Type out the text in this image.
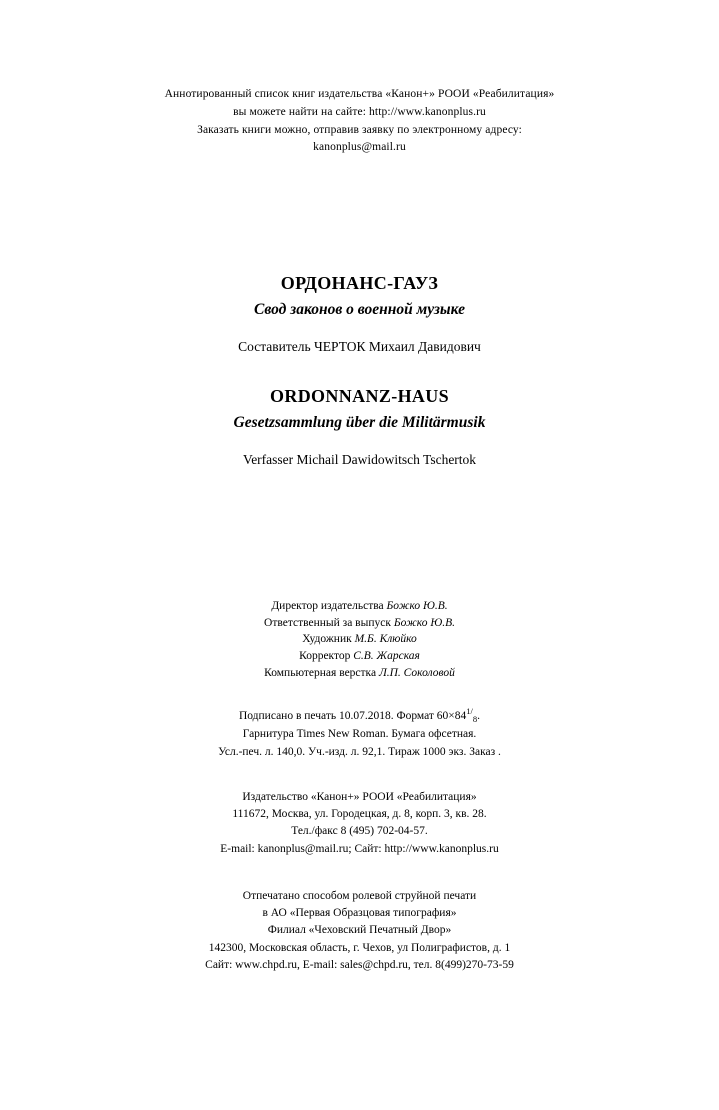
Аннотированный список книг издательства «Канон+» РООИ «Реабилитация»
вы можете найти на сайте: http://www.kanonplus.ru
Заказать книги можно, отправив заявку по электронному адресу:
kanonplus@mail.ru
ОРДОНАНС-ГАУЗ
Свод законов о военной музыке
Составитель ЧЕРТОК Михаил Давидович
ORDONNANZ-HAUS
Gesetzsammlung über die Militärmusik
Verfasser Michail Dawidowitsch Tschertok
Директор издательства Божко Ю.В.
Ответственный за выпуск Божко Ю.В.
Художник М.Б. Клюйко
Корректор С.В. Жарская
Компьютерная верстка Л.П. Соколовой
Подписано в печать 10.07.2018. Формат $60\times 84^{1/}_8$.
Гарнитура Times New Roman. Бумага офсетная.
Усл.-печ. л. 140,0. Уч.-изд. л. 92,1. Тираж 1000 экз. Заказ .
Издательство «Канон+» РООИ «Реабилитация»
111672, Москва, ул. Городецкая, д. 8, корп. 3, кв. 28.
Тел./факс 8 (495) 702-04-57.
E-mail: kanonplus@mail.ru; Сайт: http://www.kanonplus.ru
Отпечатано способом ролевой струйной печати
в АО «Первая Образцовая типография»
Филиал «Чеховский Печатный Двор»
142300, Московская область, г. Чехов, ул Полиграфистов, д. 1
Сайт: www.chpd.ru, E-mail: sales@chpd.ru, тел. 8(499)270-73-59
